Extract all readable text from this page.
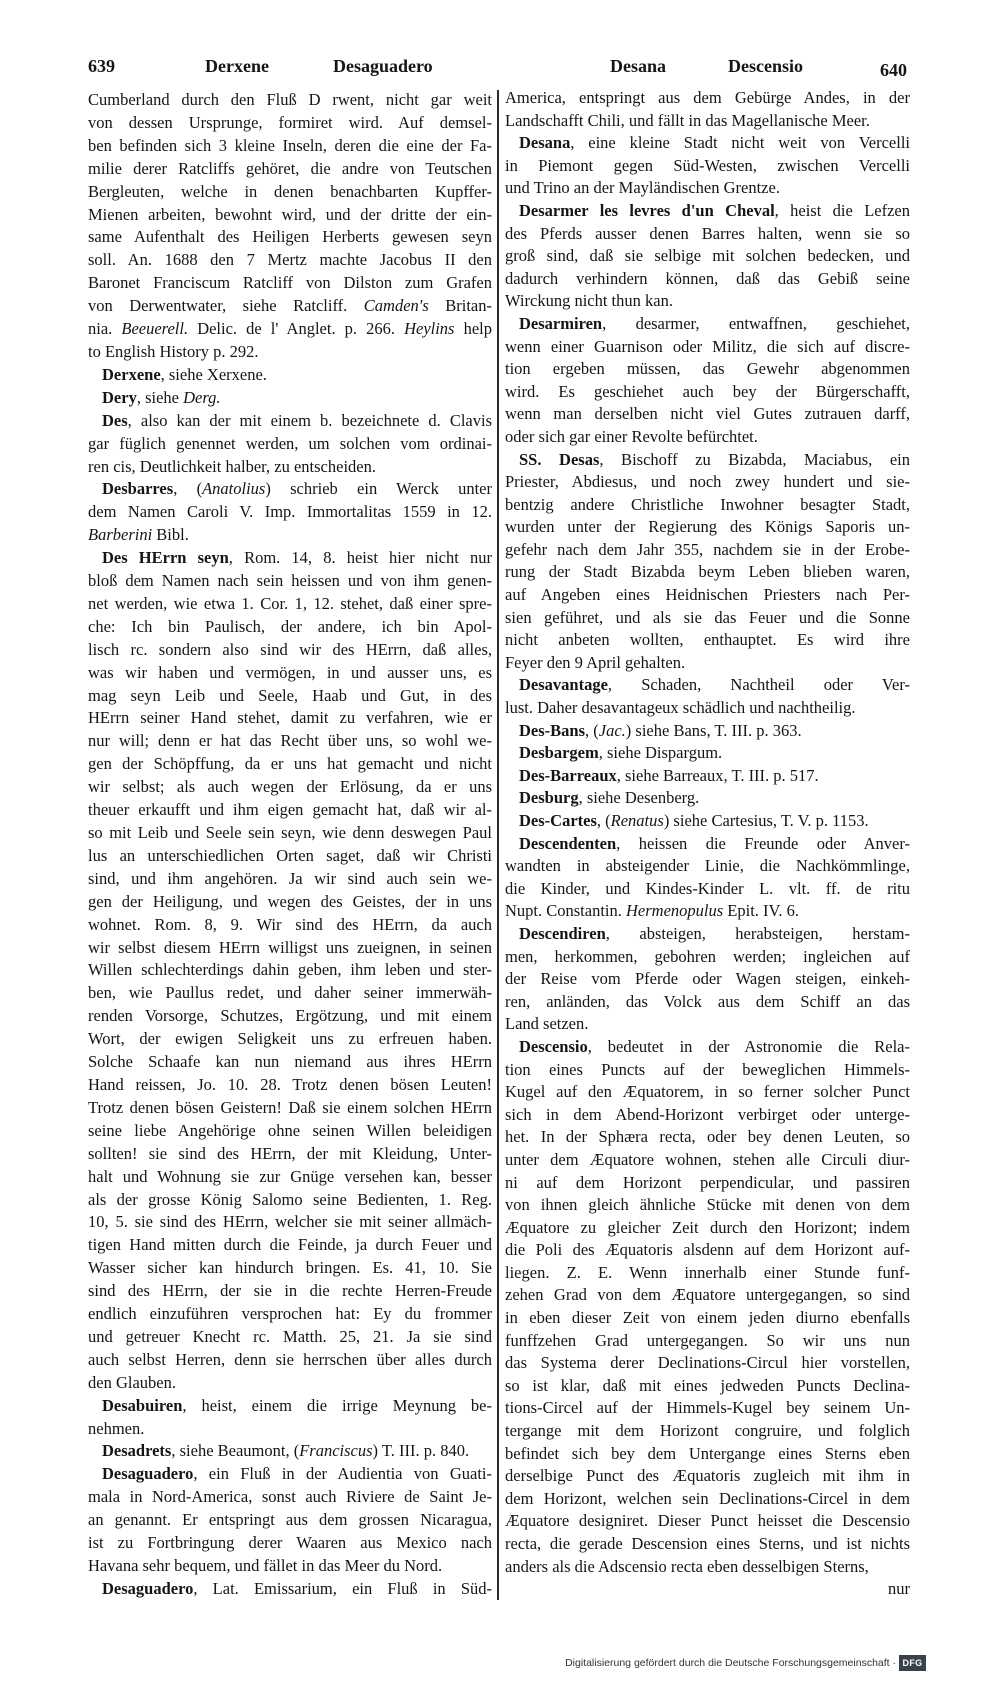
639	Derxene	Desaguadero	Desana	Descensio	640
Cumberland durch den Fluß D rwent, nicht gar weit
von dessen Ursprunge, formiret wird. Auf demsel-
ben befinden sich 3 kleine Inseln, deren die eine der Fa-
milie derer Ratcliffs gehöret, die andre von Teutschen
Bergleuten, welche in denen benachbarten Kupffer-
Mienen arbeiten, bewohnt wird, und der dritte der ein-
same Aufenthalt des Heiligen Herberts gewesen seyn
soll. An. 1688 den 7 Mertz machte Jacobus II den
Baronet Franciscum Ratcliff von Dilston zum Grafen
von Derwentwater, siehe Ratcliff. Camden's Britan-
nia. Beeuerell. Delic. de l' Anglet. p. 266. Heylins help
to English History p. 292.
Derxene, siehe Xerxene.
Dery, siehe Derg.
Des, also kan der mit einem b. bezeichnete d. Clavis
gar füglich genennet werden, um solchen vom ordinai-
ren cis, Deutlichkeit halber, zu entscheiden.
Desbarres, (Anatolius) schrieb ein Werck unter
dem Namen Caroli V. Imp. Immortalitas 1559 in 12.
Barberini Bibl.
Des HErrn seyn, Rom. 14, 8. heist hier nicht nur
bloß dem Namen nach sein heissen und von ihm genen-
net werden, wie etwa 1. Cor. 1, 12. stehet, daß einer spre-
che: Ich bin Paulisch, der andere, ich bin Apol-
lisch rc. sondern also sind wir des HErrn, daß alles,
was wir haben und vermögen, in und ausser uns, es
mag seyn Leib und Seele, Haab und Gut, in des
HErrn seiner Hand stehet, damit zu verfahren, wie er
nur will; denn er hat das Recht über uns, so wohl we-
gen der Schöpffung, da er uns hat gemacht und nicht
wir selbst; als auch wegen der Erlösung, da er uns
theuer erkaufft und ihm eigen gemacht hat, daß wir al-
so mit Leib und Seele sein seyn, wie denn deswegen Paul
lus an unterschiedlichen Orten saget, daß wir Christi
sind, und ihm angehören. Ja wir sind auch sein we-
gen der Heiligung, und wegen des Geistes, der in uns
wohnet. Rom. 8, 9. Wir sind des HErrn, da auch
wir selbst diesem HErrn willigst uns zueignen, in seinen
Willen schlechterdings dahin geben, ihm leben und ster-
ben, wie Paullus redet, und daher seiner immerwäh-
renden Vorsorge, Schutzes, Ergötzung, und mit einem
Wort, der ewigen Seligkeit uns zu erfreuen haben.
Solche Schaafe kan nun niemand aus ihres HErrn
Hand reissen, Jo. 10. 28. Trotz denen bösen Leuten!
Trotz denen bösen Geistern! Daß sie einem solchen HErrn
seine liebe Angehörige ohne seinen Willen beleidigen
sollten! sie sind des HErrn, der mit Kleidung, Unter-
halt und Wohnung sie zur Gnüge versehen kan, besser
als der grosse König Salomo seine Bedienten, 1. Reg.
10, 5. sie sind des HErrn, welcher sie mit seiner allmäch-
tigen Hand mitten durch die Feinde, ja durch Feuer und
Wasser sicher kan hindurch bringen. Es. 41, 10. Sie
sind des HErrn, der sie in die rechte Herren-Freude
endlich einzuführen versprochen hat: Ey du frommer
und getreuer Knecht rc. Matth. 25, 21. Ja sie sind
auch selbst Herren, denn sie herrschen über alles durch
den Glauben.
Desabuiren, heist, einem die irrige Meynung be-
nehmen.
Desadrets, siehe Beaumont, (Franciscus) T. III. p. 840.
Desaguadero, ein Fluß in der Audientia von Guati-
mala in Nord-America, sonst auch Riviere de Saint Je-
an genannt. Er entspringt aus dem grossen Nicaragua,
ist zu Fortbringung derer Waaren aus Mexico nach
Havana sehr bequem, und fället in das Meer du Nord.
Desaguadero, Lat. Emissarium, ein Fluß in Süd-
America, entspringt aus dem Gebürge Andes, in der
Landschafft Chili, und fällt in das Magellanische Meer.
Desana, eine kleine Stadt nicht weit von Vercelli
in Piemont gegen Süd-Westen, zwischen Vercelli
und Trino an der Mayländischen Grentze.
Desarmer les levres d'un Cheval, heist die Lefzen
des Pferds ausser denen Barres halten, wenn sie so
groß sind, daß sie selbige mit solchen bedecken, und
dadurch verhindern können, daß das Gebiß seine
Wirckung nicht thun kan.
Desarmiren, desarmer, entwaffnen, geschiehet,
wenn einer Guarnison oder Militz, die sich auf discre-
tion ergeben müssen, das Gewehr abgenommen
wird. Es geschiehet auch bey der Bürgerschafft,
wenn man derselben nicht viel Gutes zutrauen darff,
oder sich gar einer Revolte befürchtet.
SS. Desas, Bischoff zu Bizabda, Maciabus, ein
Priester, Abdiesus, und noch zwey hundert und sie-
bentzig andere Christliche Inwohner besagter Stadt,
wurden unter der Regierung des Königs Saporis un-
gefehr nach dem Jahr 355, nachdem sie in der Erobe-
rung der Stadt Bizabda beym Leben blieben waren,
auf Angeben eines Heidnischen Priesters nach Per-
sien geführet, und als sie das Feuer und die Sonne
nicht anbeten wollten, enthauptet. Es wird ihre
Feyer den 9 April gehalten.
Desavantage, Schaden, Nachtheil oder Ver-
lust. Daher desavantageux schädlich und nachtheilig.
Des-Bans, (Jac.) siehe Bans, T. III. p. 363.
Desbargem, siehe Dispargum.
Des-Barreaux, siehe Barreaux, T. III. p. 517.
Desburg, siehe Desenberg.
Des-Cartes, (Renatus) siehe Cartesius, T. V. p. 1153.
Descendenten, heissen die Freunde oder Anver-
wandten in absteigender Linie, die Nachkömmlinge,
die Kinder, und Kindes-Kinder L. vlt. ff. de ritu
Nupt. Constantin. Hermenopulus Epit. IV. 6.
Descendiren, absteigen, herabsteigen, herstam-
men, herkommen, gebohren werden; ingleichen auf
der Reise vom Pferde oder Wagen steigen, einkeh-
ren, anländen, das Volck aus dem Schiff an das
Land setzen.
Descensio, bedeutet in der Astronomie die Rela-
tion eines Puncts auf der beweglichen Himmels-
Kugel auf den Æquatorem, in so ferner solcher Punct
sich in dem Abend-Horizont verbirget oder unterge-
het. In der Sphæra recta, oder bey denen Leuten, so
unter dem Æquatore wohnen, stehen alle Circuli diur-
ni auf dem Horizont perpendicular, und passiren
von ihnen gleich ähnliche Stücke mit denen von dem
Æquatore zu gleicher Zeit durch den Horizont; indem
die Poli des Æquatoris alsdenn auf dem Horizont auf-
liegen. Z. E. Wenn innerhalb einer Stunde funf-
zehen Grad von dem Æquatore untergegangen, so sind
in eben dieser Zeit von einem jeden diurno ebenfalls
funffzehen Grad untergegangen. So wir uns nun
das Systema derer Declinations-Circul hier vorstellen,
so ist klar, daß mit eines jedweden Puncts Declina-
tions-Circel auf der Himmels-Kugel bey seinem Un-
tergange mit dem Horizont congruire, und folglich
befindet sich bey dem Untergange eines Sterns eben
derselbige Punct des Æquatoris zugleich mit ihm in
dem Horizont, welchen sein Declinations-Circel in dem
Æquatore designiret. Dieser Punct heisset die Descensio
recta, die gerade Descension eines Sterns, und ist nichts
anders als die Adscensio recta eben desselbigen Sterns,
nur
Digitalisierung gefördert durch die Deutsche Forschungsgemeinschaft · DFG
